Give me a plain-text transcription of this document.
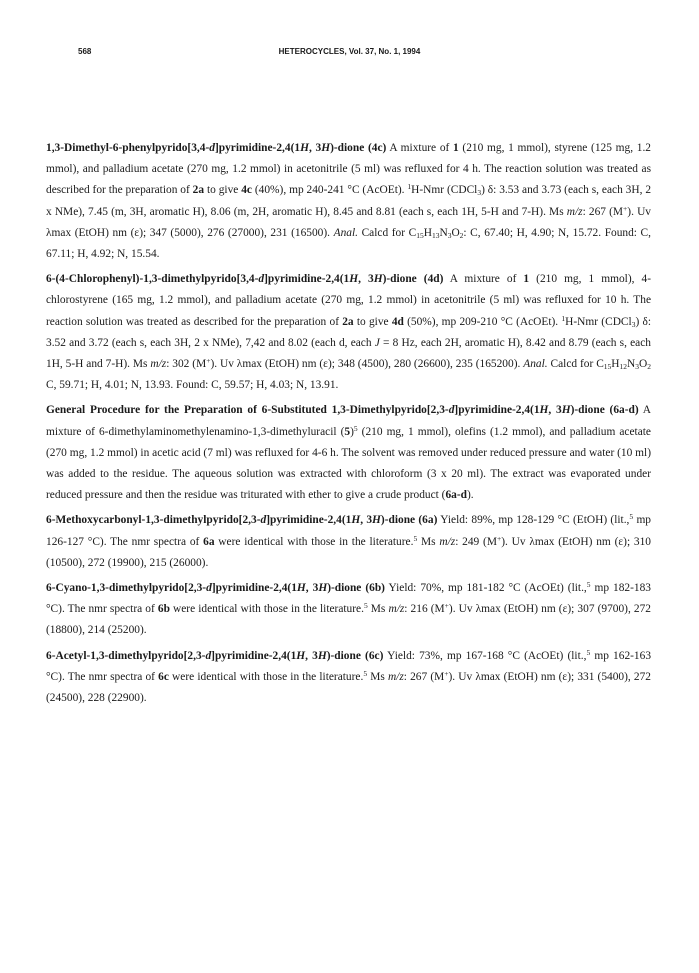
568	HETEROCYCLES, Vol. 37, No. 1, 1994

1,3-Dimethyl-6-phenylpyrido[3,4-d]pyrimidine-2,4(1H, 3H)-dione (4c) A mixture of 1 (210 mg, 1 mmol), styrene (125 mg, 1.2 mmol), and palladium acetate (270 mg, 1.2 mmol) in acetonitrile (5 ml) was refluxed for 4 h. The reaction solution was treated as described for the preparation of 2a to give 4c (40%), mp 240-241 °C (AcOEt). $^1$H-Nmr (CDCl$_3$) δ: 3.53 and 3.73 (each s, each 3H, 2 x NMe), 7.45 (m, 3H, aromatic H), 8.06 (m, 2H, aromatic H), 8.45 and 8.81 (each s, each 1H, 5-H and 7-H). Ms m/z: 267 (M+). Uv λmax (EtOH) nm (ε); 347 (5000), 276 (27000), 231 (16500). Anal. Calcd for $C_{15}H_{13}N_3O_2$: C, 67.40; H, 4.90; N, 15.72. Found: C, 67.11; H, 4.92; N, 15.54.

6-(4-Chlorophenyl)-1,3-dimethylpyrido[3,4-d]pyrimidine-2,4(1H, 3H)-dione (4d) A mixture of 1 (210 mg, 1 mmol), 4-chlorostyrene (165 mg, 1.2 mmol), and palladium acetate (270 mg, 1.2 mmol) in acetonitrile (5 ml) was refluxed for 10 h. The reaction solution was treated as described for the preparation of 2a to give 4d (50%), mp 209-210 °C (AcOEt). $^1$H-Nmr (CDCl$_3$) δ: 3.52 and 3.72 (each s, each 3H, 2 x NMe), 7,42 and 8.02 (each d, each J = 8 Hz, each 2H, aromatic H), 8.42 and 8.79 (each s, each 1H, 5-H and 7-H). Ms m/z: 302 (M+). Uv λmax (EtOH) nm (ε); 348 (4500), 280 (26600), 235 (165200). Anal. Calcd for $C_{15}H_{12}N_3O_2$ C, 59.71; H, 4.01; N, 13.93. Found: C, 59.57; H, 4.03; N, 13.91.

General Procedure for the Preparation of 6-Substituted 1,3-Dimethylpyrido[2,3-d]pyrimidine-2,4(1H, 3H)-dione (6a-d) A mixture of 6-dimethylaminomethylenamino-1,3-dimethyluracil $(5)^5$ (210 mg, 1 mmol), olefins (1.2 mmol), and palladium acetate (270 mg, 1.2 mmol) in acetic acid (7 ml) was refluxed for 4-6 h. The solvent was removed under reduced pressure and water (10 ml) was added to the residue. The aqueous solution was extracted with chloroform (3 x 20 ml). The extract was evaporated under reduced pressure and then the residue was triturated with ether to give a crude product (6a-d).

6-Methoxycarbonyl-1,3-dimethylpyrido[2,3-d]pyrimidine-2,4(1H, 3H)-dione (6a) Yield: 89%, mp 128-129 °C (EtOH) (lit.,$^5$ mp 126-127 °C). The nmr spectra of 6a were identical with those in the literature.$^5$ Ms m/z: 249 (M+). Uv λmax (EtOH) nm (ε); 310 (10500), 272 (19900), 215 (26000).

6-Cyano-1,3-dimethylpyrido[2,3-d]pyrimidine-2,4(1H, 3H)-dione (6b) Yield: 70%, mp 181-182 °C (AcOEt) (lit.,$^5$ mp 182-183 °C). The nmr spectra of 6b were identical with those in the literature.$^5$ Ms m/z: 216 (M+). Uv λmax (EtOH) nm (ε); 307 (9700), 272 (18800), 214 (25200).

6-Acetyl-1,3-dimethylpyrido[2,3-d]pyrimidine-2,4(1H, 3H)-dione (6c) Yield: 73%, mp 167-168 °C (AcOEt) (lit.,$^5$ mp 162-163 °C). The nmr spectra of 6c were identical with those in the literature.$^5$ Ms m/z: 267 (M+). Uv λmax (EtOH) nm (ε); 331 (5400), 272 (24500), 228 (22900).
